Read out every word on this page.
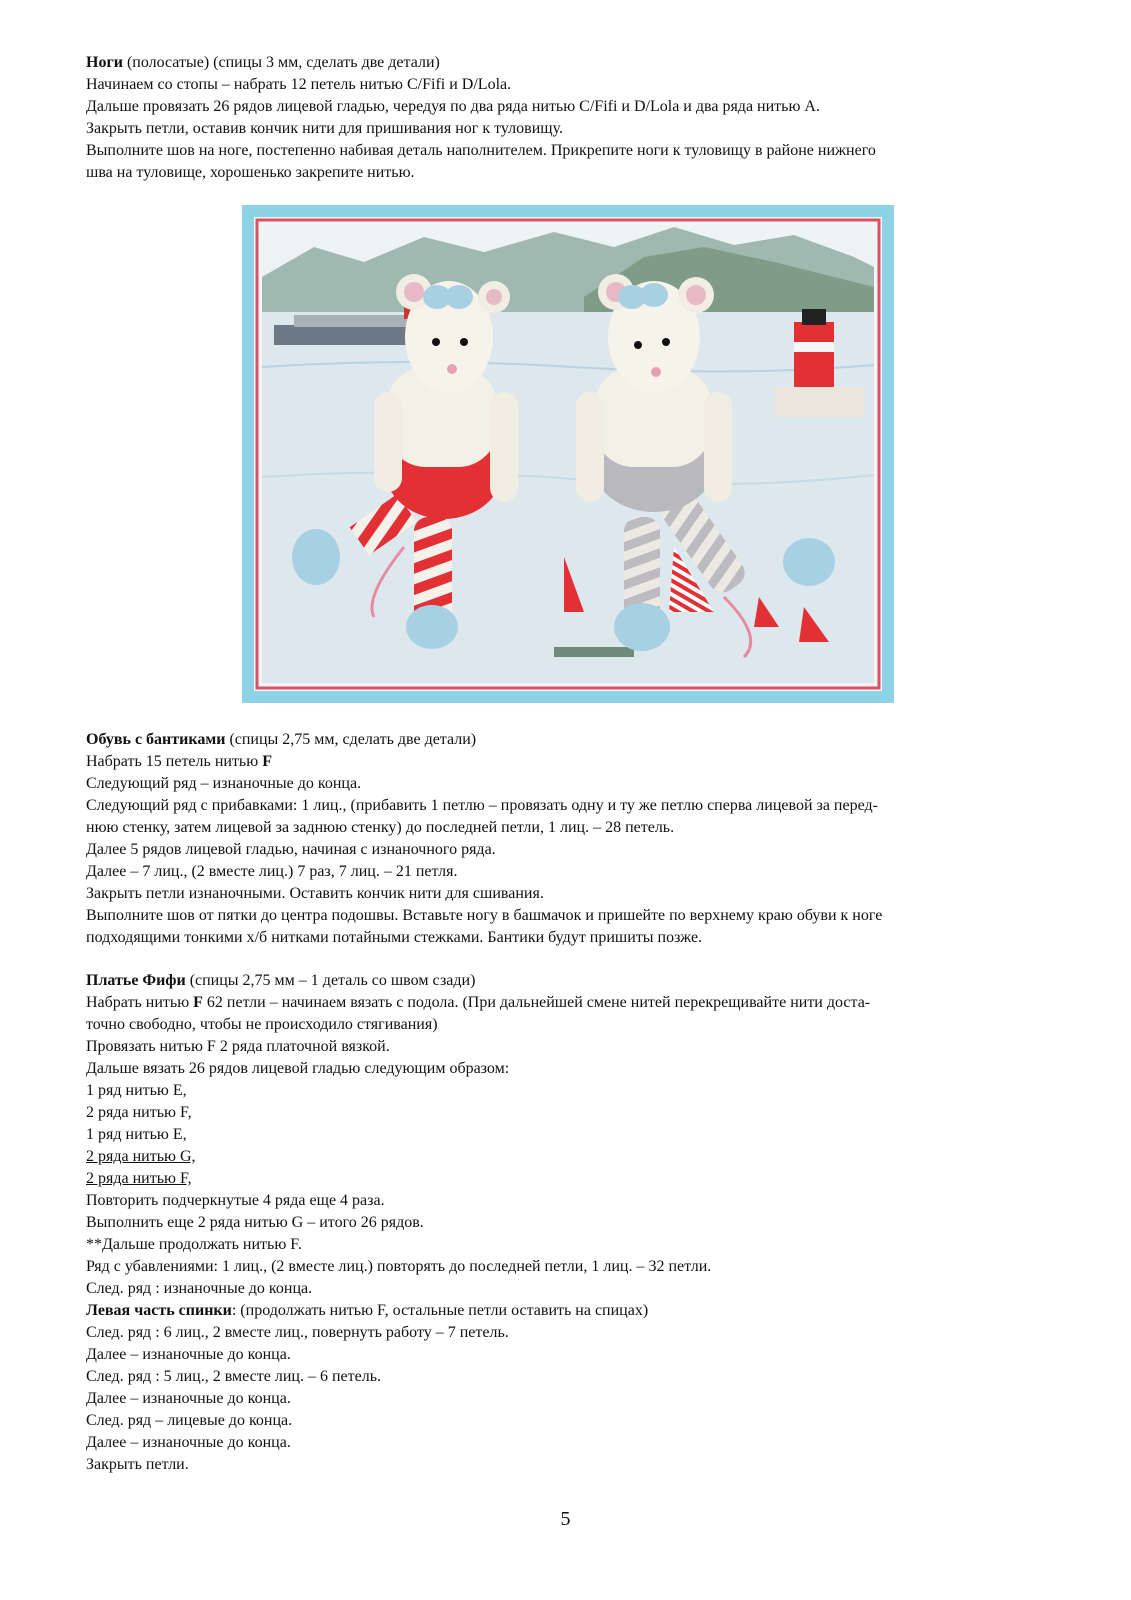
Ноги (полосатые) (спицы 3 мм, сделать две детали)
Начинаем со стопы – набрать 12 петель нитью C/Fifi и D/Lola.
Дальше провязать 26 рядов лицевой гладью, чередуя по два ряда нитью C/Fifi и D/Lola и два ряда нитью А.
Закрыть петли, оставив кончик нити для пришивания ног к туловищу.
Выполните шов на ноге, постепенно набивая деталь наполнителем. Прикрепите ноги к туловищу в районе нижнего
шва на туловище, хорошенько закрепите нитью.
Обувь с бантиками (спицы 2,75 мм, сделать две детали)
Набрать 15 петель нитью F
Следующий ряд – изнаночные до конца.
Следующий ряд с прибавками: 1 лиц., (прибавить 1 петлю – провязать одну и ту же петлю сперва лицевой за перед-
нюю стенку, затем лицевой за заднюю стенку) до последней петли, 1 лиц. – 28 петель.
Далее 5 рядов лицевой гладью, начиная с изнаночного ряда.
Далее – 7 лиц., (2 вместе лиц.) 7 раз, 7 лиц. – 21 петля.
Закрыть петли изнаночными. Оставить кончик нити для сшивания.
Выполните шов от пятки до центра подошвы. Вставьте ногу в башмачок и пришейте по верхнему краю обуви к ноге
подходящими тонкими х/б нитками потайными стежками. Бантики будут пришиты позже.
Платье Фифи (спицы 2,75 мм – 1 деталь со швом сзади)
Набрать нитью F 62 петли – начинаем вязать с подола. (При дальнейшей смене нитей перекрещивайте нити доста-
точно свободно, чтобы не происходило стягивания)
Провязать нитью F 2 ряда платочной вязкой.
Дальше вязать 26 рядов лицевой гладью следующим образом:
1 ряд нитью E,
2 ряда нитью F,
1 ряд нитью E,
2 ряда нитью G,
2 ряда нитью F,
Повторить подчеркнутые 4 ряда еще 4 раза.
Выполнить еще 2 ряда нитью G – итого 26 рядов.
**Дальше продолжать нитью F.
Ряд с убавлениями: 1 лиц., (2 вместе лиц.) повторять до последней петли, 1 лиц. – 32 петли.
След. ряд : изнаночные до конца.
Левая часть спинки: (продолжать нитью F, остальные петли оставить на спицах)
След. ряд : 6 лиц., 2 вместе лиц., повернуть работу – 7 петель.
Далее – изнаночные до конца.
След. ряд : 5 лиц., 2 вместе лиц. – 6 петель.
Далее – изнаночные до конца.
След. ряд – лицевые до конца.
Далее – изнаночные до конца.
Закрыть петли.
5
